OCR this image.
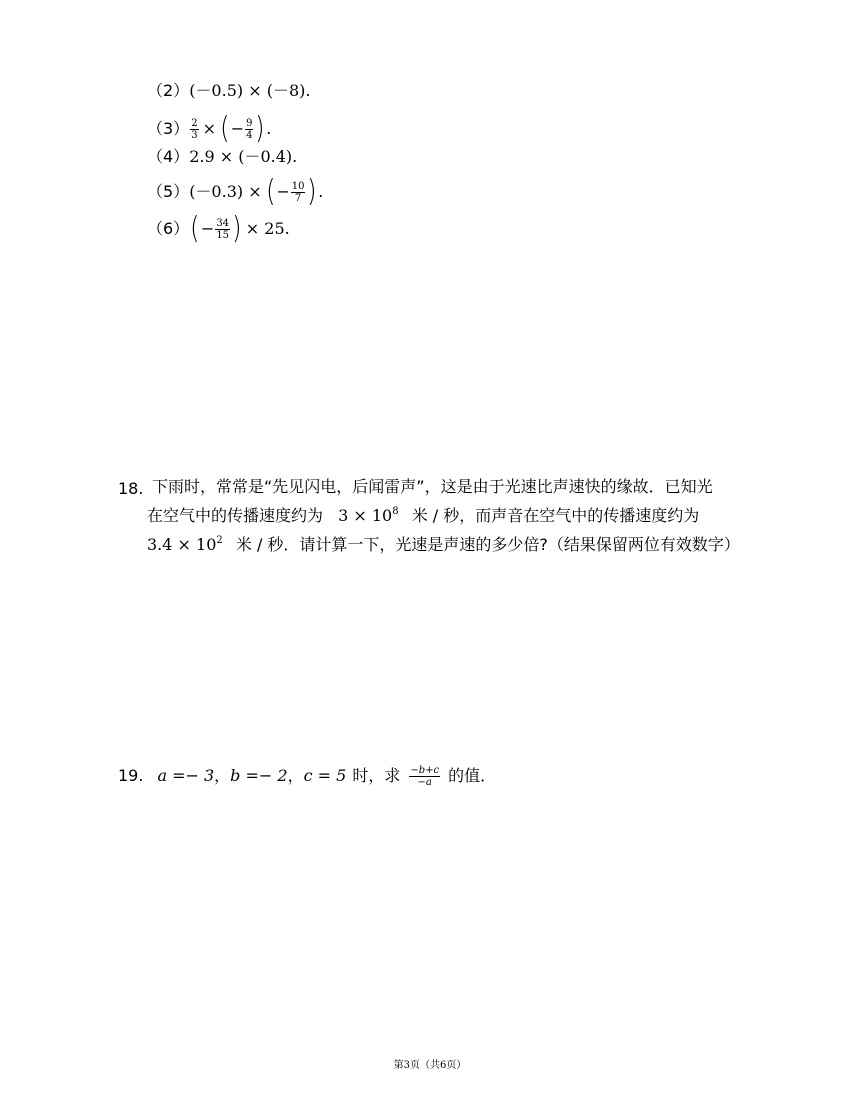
（2） (－0.5) × (－8).
$(3) \frac{2}{3}$ × ( − $\frac{9}{4}$ ) .
（4） 2.9 × (－0.4).
（5） (－0.3) × ( − $\frac{10}{7}$ ) .
（6） ( − $\frac{34}{15}$ ) × 25.
18. 下雨时，常常是“先见闪电，后闻雷声”，这是由于光速比声速快的缘故．已知光
在空气中的传播速度约为 $3 \times 10^8$ 米 / 秒，而声音在空气中的传播速度约为
$3.4 \times 10^2$ 米 / 秒．请计算一下，光速是声速的多少倍?（结果保留两位有效数字）
19. a =− 3 ， b =− 2 ， c = 5 时，求 $\frac{-b+c}{-a}$ 的值．
第3页（共6页）
